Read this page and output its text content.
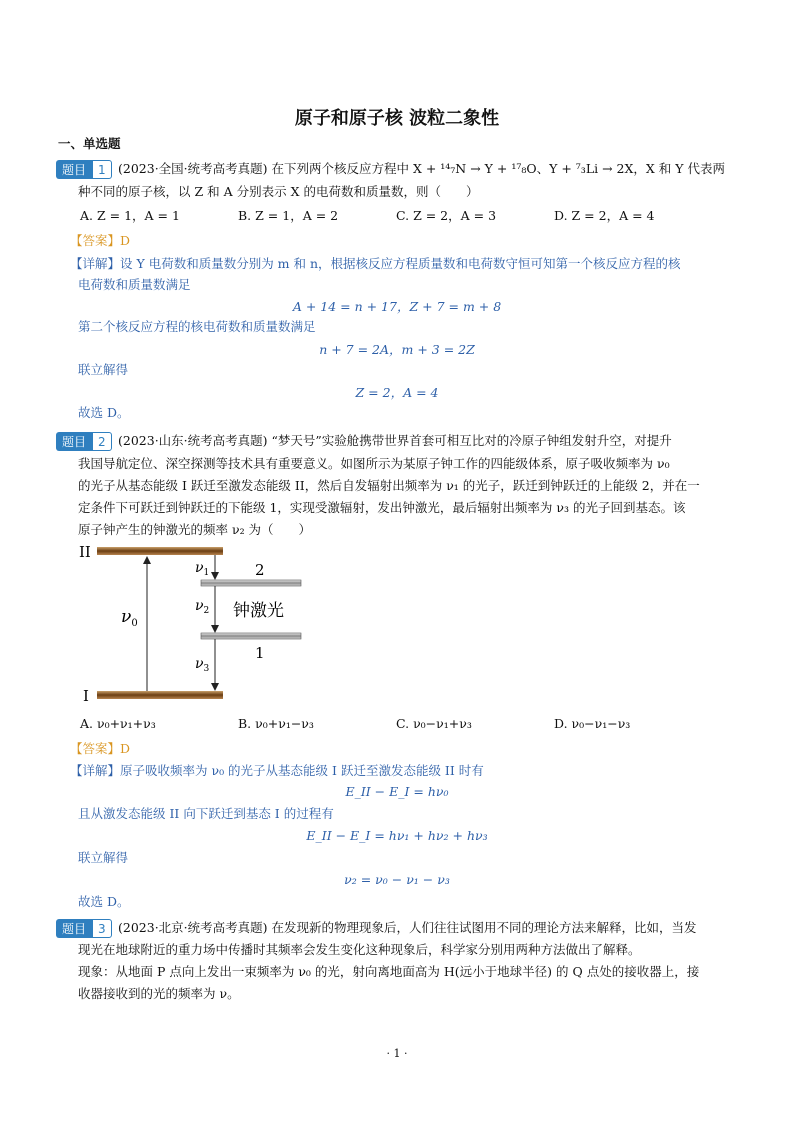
原子和原子核 波粒二象性
一、单选题
题目	1 (2023·全国·统考高考真题) 在下列两个核反应方程中 X + ¹⁴₇N → Y + ¹⁷₈O、Y + ⁷₃Li → 2X，X 和 Y 代表两
种不同的原子核，以 Z 和 A 分别表示 X 的电荷数和质量数，则（　　）
A. Z = 1，A = 1	B. Z = 1，A = 2	C. Z = 2，A = 3	D. Z = 2，A = 4
【答案】D
【详解】设 Y 电荷数和质量数分别为 m 和 n，根据核反应方程质量数和电荷数守恒可知第一个核反应方程的核
电荷数和质量数满足
A + 14 = n + 17，Z + 7 = m + 8
第二个核反应方程的核电荷数和质量数满足
n + 7 = 2A，m + 3 = 2Z
联立解得
Z = 2，A = 4
故选 D。
题目	2 (2023·山东·统考高考真题) “梦天号”实验舱携带世界首套可相互比对的冷原子钟组发射升空，对提升
我国导航定位、深空探测等技术具有重要意义。如图所示为某原子钟工作的四能级体系，原子吸收频率为 ν₀
的光子从基态能级 I 跃迁至激发态能级 II，然后自发辐射出频率为 ν₁ 的光子，跃迁到钟跃迁的上能级 2，并在一
定条件下可跃迁到钟跃迁的下能级 1，实现受激辐射，发出钟激光，最后辐射出频率为 ν₃ 的光子回到基态。该
原子钟产生的钟激光的频率 ν₂ 为（　　）
II
I
2
1
钟激光
$\nu_0$
$\nu_1$
$\nu_2$
$\nu_3$
A. ν₀+ν₁+ν₃	B. ν₀+ν₁−ν₃	C. ν₀−ν₁+ν₃	D. ν₀−ν₁−ν₃
【答案】D
【详解】原子吸收频率为 ν₀ 的光子从基态能级 I 跃迁至激发态能级 II 时有
E_II − E_I = hν₀
且从激发态能级 II 向下跃迁到基态 I 的过程有
E_II − E_I = hν₁ + hν₂ + hν₃
联立解得
ν₂ = ν₀ − ν₁ − ν₃
故选 D。
题目	3 (2023·北京·统考高考真题) 在发现新的物理现象后，人们往往试图用不同的理论方法来解释，比如，当发
现光在地球附近的重力场中传播时其频率会发生变化这种现象后，科学家分别用两种方法做出了解释。
现象：从地面 P 点向上发出一束频率为 ν₀ 的光，射向离地面高为 H(远小于地球半径) 的 Q 点处的接收器上，接
收器接收到的光的频率为 ν。
· 1 ·
